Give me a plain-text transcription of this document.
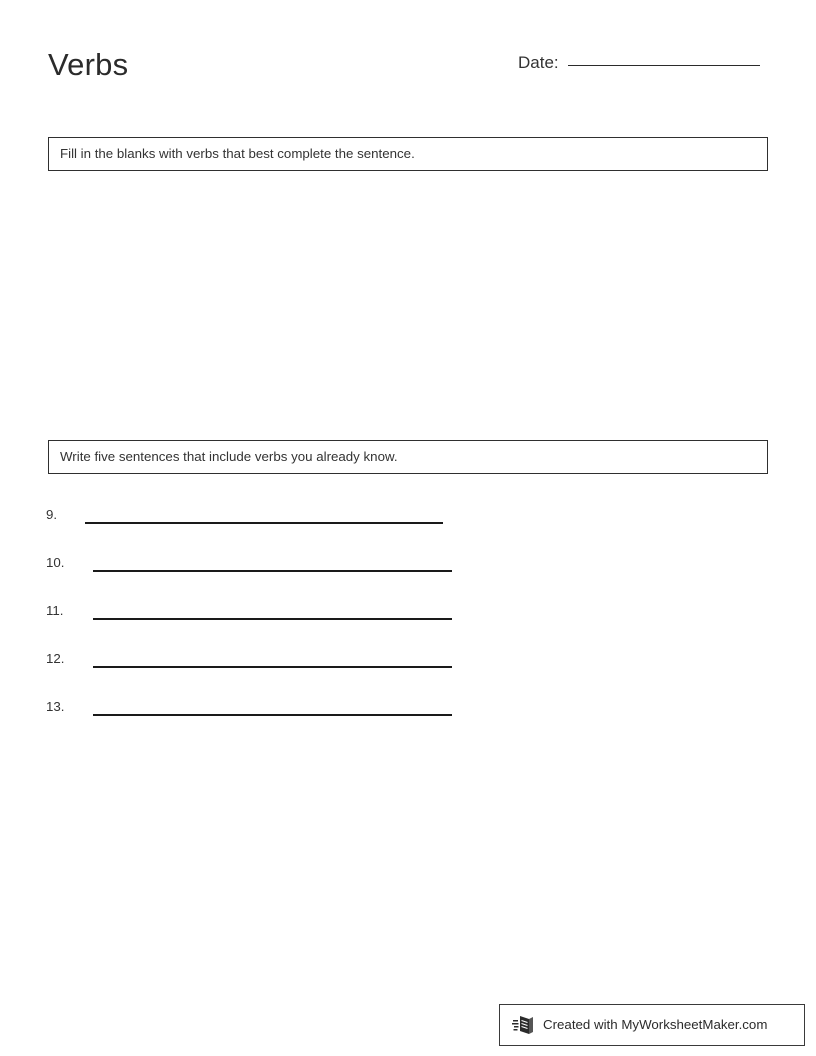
Verbs	Date:
Fill in the blanks with verbs that best complete the sentence.
Write five sentences that include verbs you already know.
9.
10.
11.
12.
13.
Created with MyWorksheetMaker.com
